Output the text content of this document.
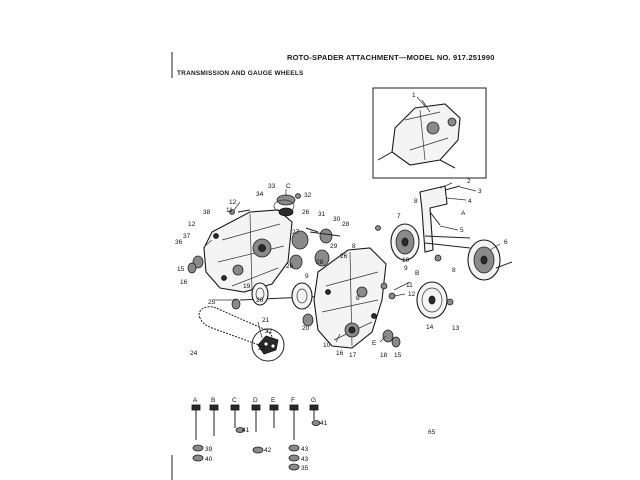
ROTO-SPADER ATTACHMENT—MODEL NO. 917.251990
TRANSMISSION AND GAUGE WHEELS
65
1
2
3
4
A
5
7
8
6
8
10
9
B
13
14
11
12
33 C
32
34
36
12
11
12
37
38
16
15
26 31
30
28
27
29
26
28
26
25
8
8
19
9
20
21
20
22
23
24
10
16 17
E
18 15
A B	C	D E F G
39
40
41
42	43
43
35
41
